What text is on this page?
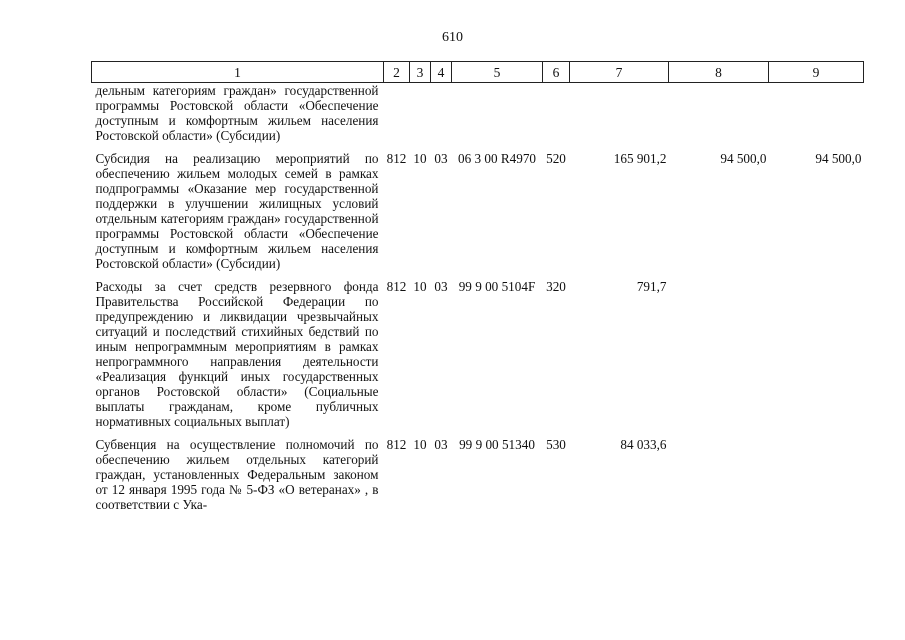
610
1	2	3	4	5	6	7	8	9
дельным категориям граждан» государственной программы Ростовской области «Обеспечение доступным и комфортным жильем населения Ростовской области» (Субсидии)								
Субсидия на реализацию мероприятий по обеспечению жильем молодых семей в рамках подпрограммы «Оказание мер государственной поддержки в улучшении жилищных условий отдельным категориям граждан» государственной программы Ростовской области «Обеспечение доступным и комфортным жильем населения Ростовской области» (Субсидии)	812	10	03	06 3 00 R4970	520	165 901,2	94 500,0	94 500,0
Расходы за счет средств резервного фонда Правительства Российской Федерации по предупреждению и ликвидации чрезвычайных ситуаций и последствий стихийных бедствий по иным непрограммным мероприятиям в рамках непрограммного направления деятельности «Реализация функций иных государственных органов Ростовской области» (Социальные выплаты гражданам, кроме публичных нормативных социальных выплат)	812	10	03	99 9 00 5104F	320	791,7		
Субвенция на осуществление полномочий по обеспечению жильем отдельных категорий граждан, установленных Федеральным законом от 12 января 1995 года № 5-ФЗ «О ветеранах» , в соответствии с Ука-	812	10	03	99 9 00 51340	530	84 033,6		
